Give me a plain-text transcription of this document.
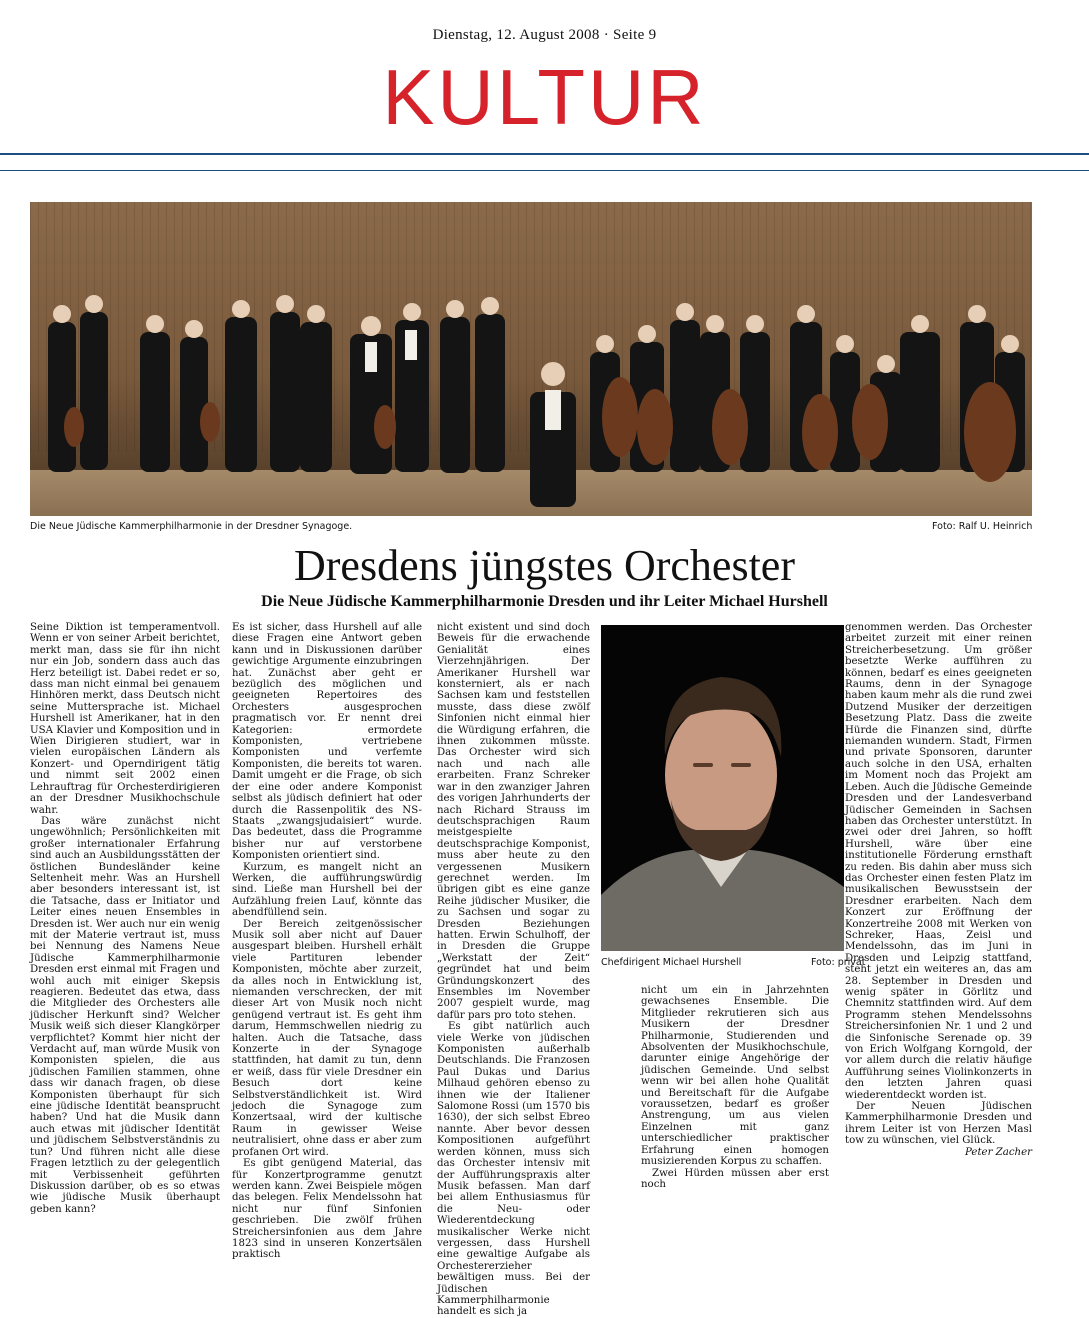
Dienstag, 12. August 2008 · Seite 9
KULTUR
Die Neue Jüdische Kammerphilharmonie in der Dresdner Synagoge.	Foto: Ralf U. Heinrich
Dresdens jüngstes Orchester
Die Neue Jüdische Kammerphilharmonie Dresden und ihr Leiter Michael Hurshell

Seine Diktion ist temperamentvoll. Wenn er von seiner Arbeit berichtet, merkt man, dass sie für ihn nicht nur ein Job, sondern dass auch das Herz beteiligt ist. Dabei redet er so, dass man nicht einmal bei genauem Hinhören merkt, dass Deutsch nicht seine Muttersprache ist. Michael Hurshell ist Amerikaner, hat in den USA Klavier und Komposition und in Wien Dirigieren studiert, war in vielen europäischen Ländern als Konzert- und Operndirigent tätig und nimmt seit 2002 einen Lehrauftrag für Orchesterdirigieren an der Dresdner Musikhochschule wahr.

Das wäre zunächst nicht ungewöhnlich; Persönlichkeiten mit großer internationaler Erfahrung sind auch an Ausbildungsstätten der östlichen Bundesländer keine Seltenheit mehr. Was an Hurshell aber besonders interessant ist, ist die Tatsache, dass er Initiator und Leiter eines neuen Ensembles in Dresden ist. Wer auch nur ein wenig mit der Materie vertraut ist, muss bei Nennung des Namens Neue Jüdische Kammerphilharmonie Dresden erst einmal mit Fragen und wohl auch mit einiger Skepsis reagieren. Bedeutet das etwa, dass die Mitglieder des Orchesters alle jüdischer Herkunft sind? Welcher Musik weiß sich dieser Klangkörper verpflichtet? Kommt hier nicht der Verdacht auf, man würde Musik von Komponisten spielen, die aus jüdischen Familien stammen, ohne dass wir danach fragen, ob diese Komponisten überhaupt für sich eine jüdische Identität beansprucht haben? Und hat die Musik dann auch etwas mit jüdischer Identität und jüdischem Selbstverständnis zu tun? Und führen nicht alle diese Fragen letztlich zu der gelegentlich mit Verbissenheit geführten Diskussion darüber, ob es so etwas wie jüdische Musik überhaupt geben kann?

Es ist sicher, dass Hurshell auf alle diese Fragen eine Antwort geben kann und in Diskussionen darüber gewichtige Argumente einzubringen hat. Zunächst aber geht er bezüglich des möglichen und geeigneten Repertoires des Orchesters ausgesprochen pragmatisch vor. Er nennt drei Kategorien: ermordete Komponisten, vertriebene Komponisten und verfemte Komponisten, die bereits tot waren. Damit umgeht er die Frage, ob sich der eine oder andere Komponist selbst als jüdisch definiert hat oder durch die Rassenpolitik des NS-Staats „zwangsjudaisiert“ wurde. Das bedeutet, dass die Programme bisher nur auf verstorbene Komponisten orientiert sind.

Kurzum, es mangelt nicht an Werken, die aufführungswürdig sind. Ließe man Hurshell bei der Aufzählung freien Lauf, könnte das abendfüllend sein.

Der Bereich zeitgenössischer Musik soll aber nicht auf Dauer ausgespart bleiben. Hurshell erhält viele Partituren lebender Komponisten, möchte aber zurzeit, da alles noch in Entwicklung ist, niemanden verschrecken, der mit dieser Art von Musik noch nicht genügend vertraut ist. Es geht ihm darum, Hemmschwellen niedrig zu halten. Auch die Tatsache, dass Konzerte in der Synagoge stattfinden, hat damit zu tun, denn er weiß, dass für viele Dresdner ein Besuch dort keine Selbstverständlichkeit ist. Wird jedoch die Synagoge zum Konzertsaal, wird der kultische Raum in gewisser Weise neutralisiert, ohne dass er aber zum profanen Ort wird.

Es gibt genügend Material, das für Konzertprogramme genutzt werden kann. Zwei Beispiele mögen das belegen. Felix Mendelssohn hat nicht nur fünf Sinfonien geschrieben. Die zwölf frühen Streichersinfonien aus dem Jahre 1823 sind in unseren Konzertsälen praktisch

nicht existent und sind doch Beweis für die erwachende Genialität eines Vierzehnjährigen. Der Amerikaner Hurshell war konsterniert, als er nach Sachsen kam und feststellen musste, dass diese zwölf Sinfonien nicht einmal hier die Würdigung erfahren, die ihnen zukommen müsste. Das Orchester wird sich nach und nach alle erarbeiten. Franz Schreker war in den zwanziger Jahren des vorigen Jahrhunderts der nach Richard Strauss im deutschsprachigen Raum meistgespielte deutschsprachige Komponist, muss aber heute zu den vergessenen Musikern gerechnet werden. Im übrigen gibt es eine ganze Reihe jüdischer Musiker, die zu Sachsen und sogar zu Dresden Beziehungen hatten. Erwin Schulhoff, der in Dresden die Gruppe „Werkstatt der Zeit“ gegründet hat und beim Gründungskonzert des Ensembles im November 2007 gespielt wurde, mag dafür pars pro toto stehen.

Es gibt natürlich auch viele Werke von jüdischen Komponisten außerhalb Deutschlands. Die Franzosen Paul Dukas und Darius Milhaud gehören ebenso zu ihnen wie der Italiener Salomone Rossi (um 1570 bis 1630), der sich selbst Ebreo nannte. Aber bevor dessen Kompositionen aufgeführt werden können, muss sich das Orchester intensiv mit der Aufführungspraxis alter Musik befassen. Man darf bei allem Enthusiasmus für die Neu- oder Wiederentdeckung musikalischer Werke nicht vergessen, dass Hurshell eine gewaltige Aufgabe als Orchestererzieher bewältigen muss. Bei der Jüdischen Kammerphilharmonie handelt es sich ja

Chefdirigent Michael Hurshell	Foto: privat

nicht um ein in Jahrzehnten gewachsenes Ensemble. Die Mitglieder rekrutieren sich aus Musikern der Dresdner Philharmonie, Studierenden und Absolventen der Musikhochschule, darunter einige Angehörige der jüdischen Gemeinde. Und selbst wenn wir bei allen hohe Qualität und Bereitschaft für die Aufgabe voraussetzen, bedarf es großer Anstrengung, um aus vielen Einzelnen mit ganz unterschiedlicher praktischer Erfahrung einen homogen musizierenden Korpus zu schaffen.

Zwei Hürden müssen aber erst noch

genommen werden. Das Orchester arbeitet zurzeit mit einer reinen Streicherbesetzung. Um größer besetzte Werke aufführen zu können, bedarf es eines geeigneten Raums, denn in der Synagoge haben kaum mehr als die rund zwei Dutzend Musiker der derzeitigen Besetzung Platz. Dass die zweite Hürde die Finanzen sind, dürfte niemanden wundern. Stadt, Firmen und private Sponsoren, darunter auch solche in den USA, erhalten im Moment noch das Projekt am Leben. Auch die Jüdische Gemeinde Dresden und der Landesverband Jüdischer Gemeinden in Sachsen haben das Orchester unterstützt. In zwei oder drei Jahren, so hofft Hurshell, wäre über eine institutionelle Förderung ernsthaft zu reden. Bis dahin aber muss sich das Orchester einen festen Platz im musikalischen Bewusstsein der Dresdner erarbeiten. Nach dem Konzert zur Eröffnung der Konzertreihe 2008 mit Werken von Schreker, Haas, Zeisl und Mendelssohn, das im Juni in Dresden und Leipzig stattfand, steht jetzt ein weiteres an, das am 28. September in Dresden und wenig später in Görlitz und Chemnitz stattfinden wird. Auf dem Programm stehen Mendelssohns Streichersinfonien Nr. 1 und 2 und die Sinfonische Serenade op. 39 von Erich Wolfgang Korngold, der vor allem durch die relativ häufige Aufführung seines Violinkonzerts in den letzten Jahren quasi wiederentdeckt worden ist.

Der Neuen Jüdischen Kammerphilharmonie Dresden und ihrem Leiter ist von Herzen Masl tow zu wünschen, viel Glück.

Peter Zacher
